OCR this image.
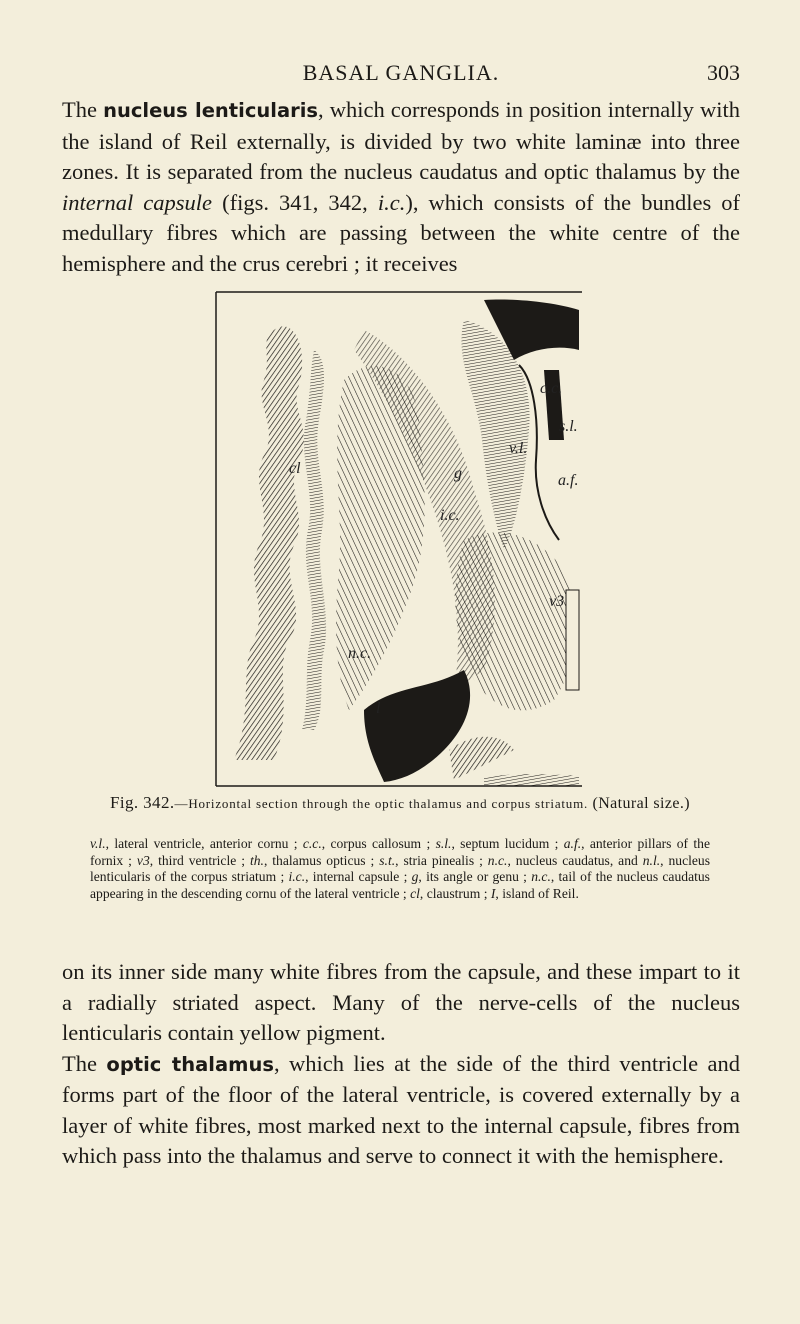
BASAL GANGLIA.	303

The nucleus lenticularis, which corresponds in position internally with the island of Reil externally, is divided by two white laminæ into three zones. It is separated from the nucleus caudatus and optic thalamus by the internal capsule (figs. 341, 342, i.c.), which consists of the bundles of medullary fibres which are passing between the white centre of the hemisphere and the crus cerebri ; it receives

c.c.
s.l.
v.l.
a.f.
cl	g
i.c.
v3
n.c.
l
Fig. 342.—Horizontal section through the optic thalamus and corpus striatum. (Natural size.)

v.l., lateral ventricle, anterior cornu ; c.c., corpus callosum ; s.l., septum lucidum ; a.f., anterior pillars of the fornix ; v3, third ventricle ; th., thalamus opticus ; s.t., stria pinealis ; n.c., nucleus caudatus, and n.l., nucleus lenticularis of the corpus striatum ; i.c., internal capsule ; g, its angle or genu ; n.c., tail of the nucleus caudatus appearing in the descending cornu of the lateral ventricle ; cl, claustrum ; I, island of Reil.

on its inner side many white fibres from the capsule, and these impart to it a radially striated aspect. Many of the nerve-cells of the nucleus lenticularis contain yellow pigment.
The optic thalamus, which lies at the side of the third ventricle and forms part of the floor of the lateral ventricle, is covered externally by a layer of white fibres, most marked next to the internal capsule, fibres from which pass into the thalamus and serve to connect it with the hemisphere.
